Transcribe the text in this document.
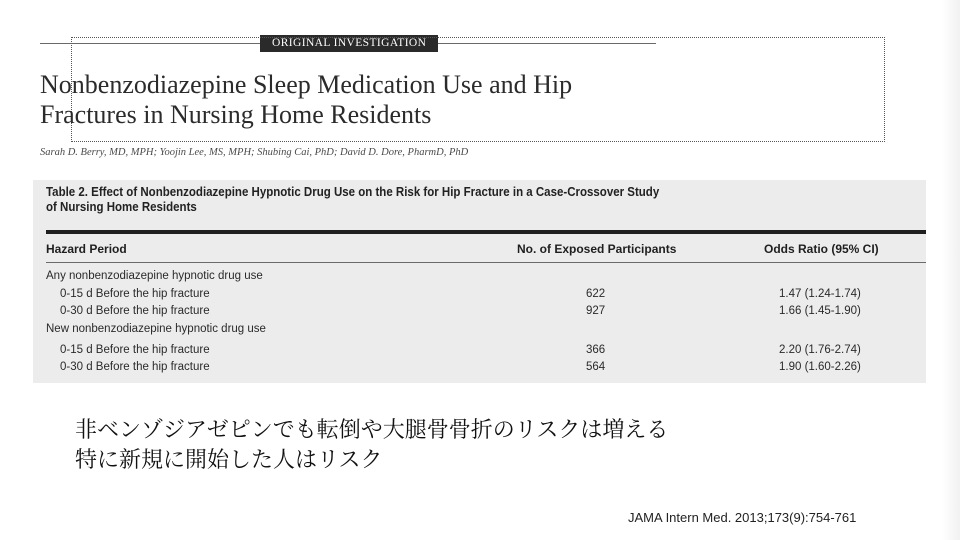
ORIGINAL INVESTIGATION
Nonbenzodiazepine Sleep Medication Use and Hip
Fractures in Nursing Home Residents
Sarah D. Berry, MD, MPH; Yoojin Lee, MS, MPH; Shubing Cai, PhD; David D. Dore, PharmD, PhD
Table 2. Effect of Nonbenzodiazepine Hypnotic Drug Use on the Risk for Hip Fracture in a Case-Crossover Study
of Nursing Home Residents
Hazard Period	No. of Exposed Participants	Odds Ratio (95% CI)
Any nonbenzodiazepine hypnotic drug use
0-15 d Before the hip fracture	622	1.47 (1.24-1.74)
0-30 d Before the hip fracture	927	1.66 (1.45-1.90)
New nonbenzodiazepine hypnotic drug use
0-15 d Before the hip fracture	366	2.20 (1.76-2.74)
0-30 d Before the hip fracture	564	1.90 (1.60-2.26)
非ベンゾジアゼピンでも転倒や大腿骨骨折のリスクは増える
特に新規に開始した人はリスク
JAMA Intern Med. 2013;173(9):754-761
